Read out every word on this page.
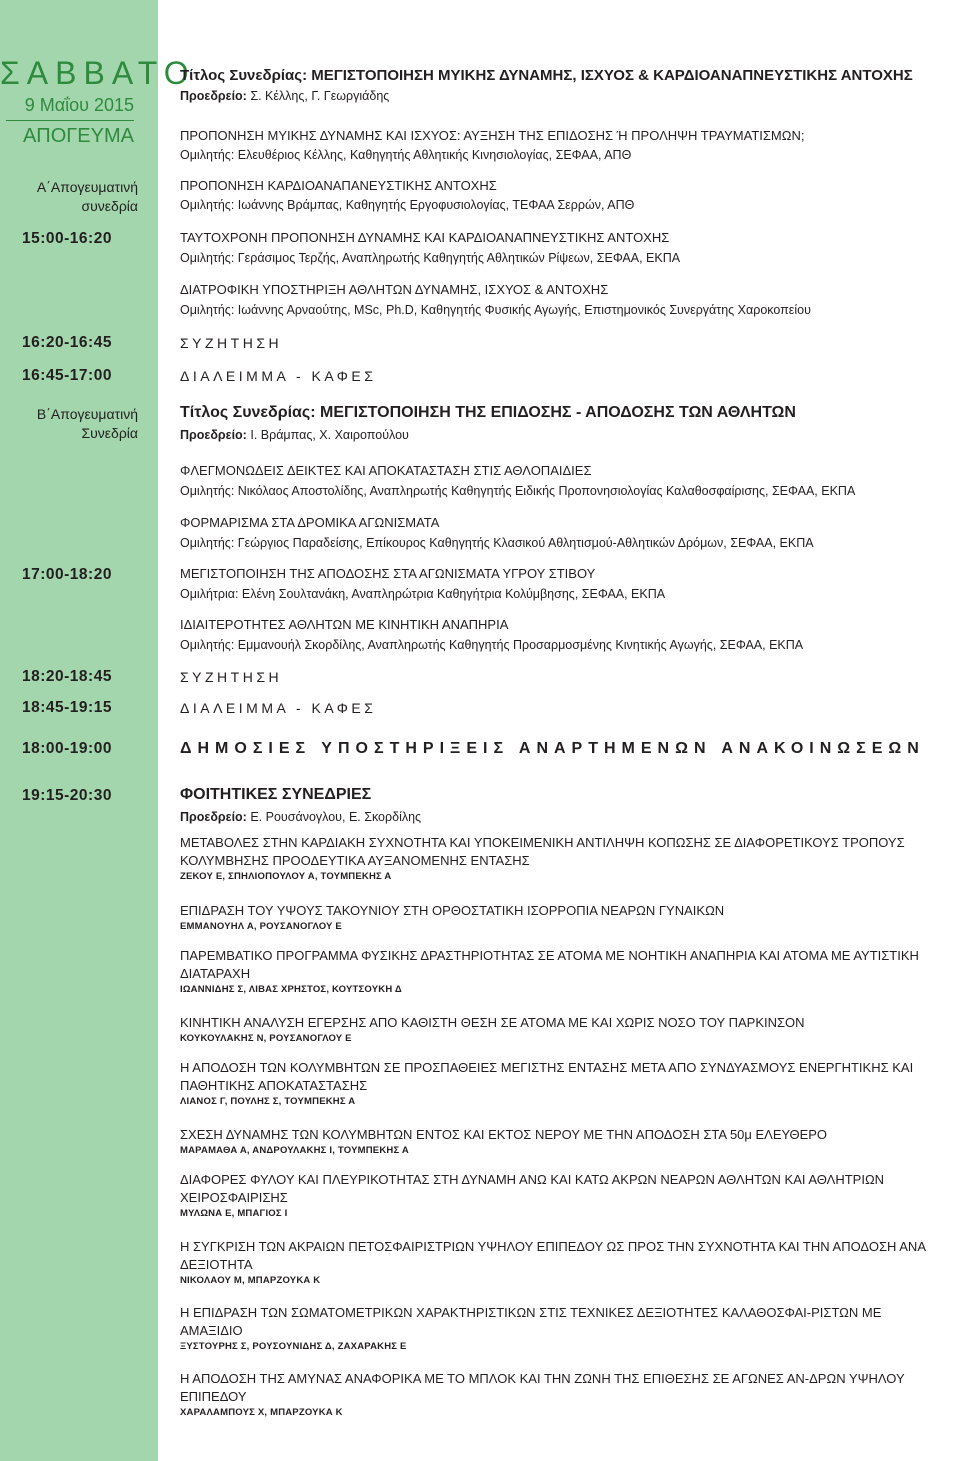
ΣΑΒΒΑΤΟ
9 Μαΐου 2015
ΑΠΟΓΕΥΜΑ
Α΄Απογευματινή
συνεδρία
Β΄Απογευματινή
Συνεδρία
15:00-16:20
16:20-16:45
16:45-17:00
17:00-18:20
18:20-18:45
18:45-19:15
18:00-19:00
19:15-20:30
Τίτλος Συνεδρίας: ΜΕΓΙΣΤΟΠΟΙΗΣΗ ΜΥΙΚΗΣ ΔΥΝΑΜΗΣ, ΙΣΧΥΟΣ & ΚΑΡΔΙΟΑΝΑΠΝΕΥΣΤΙΚΗΣ ΑΝΤΟΧΗΣ
Προεδρείο: Σ. Κέλλης, Γ. Γεωργιάδης
ΠΡΟΠΟΝΗΣΗ ΜΥΙΚΗΣ ΔΥΝΑΜΗΣ ΚΑΙ ΙΣΧΥΟΣ: ΑΥΞΗΣΗ ΤΗΣ ΕΠΙΔΟΣΗΣ Ή ΠΡΟΛΗΨΗ ΤΡΑΥΜΑΤΙΣΜΩΝ;
Ομιλητής: Ελευθέριος Κέλλης, Καθηγητής Αθλητικής Κινησιολογίας, ΣΕΦΑΑ, ΑΠΘ
ΠΡΟΠΟΝΗΣΗ ΚΑΡΔΙΟΑΝΑΠΑΝΕΥΣΤΙΚΗΣ ΑΝΤΟΧΗΣ
Ομιλητής: Ιωάννης Βράμπας, Καθηγητής Εργοφυσιολογίας, ΤΕΦΑΑ Σερρών, ΑΠΘ
ΤΑΥΤΟΧΡΟΝΗ ΠΡΟΠΟΝΗΣΗ ΔΥΝΑΜΗΣ ΚΑΙ ΚΑΡΔΙΟΑΝΑΠΝΕΥΣΤΙΚΗΣ ΑΝΤΟΧΗΣ
Ομιλητής: Γεράσιμος Τερζής, Αναπληρωτής Καθηγητής Αθλητικών Ρίψεων, ΣΕΦΑΑ, ΕΚΠΑ
ΔΙΑΤΡΟΦΙΚΗ ΥΠΟΣΤΗΡΙΞΗ ΑΘΛΗΤΩΝ ΔΥΝΑΜΗΣ, ΙΣΧΥΟΣ & ΑΝΤΟΧΗΣ
Ομιλητής: Ιωάννης Αρναούτης, MSc, Ph.D, Καθηγητής Φυσικής Αγωγής, Επιστημονικός Συνεργάτης Χαροκοπείου
ΣΥΖΗΤΗΣΗ
ΔΙΑΛΕΙΜΜΑ - ΚΑΦΕΣ
Τίτλος Συνεδρίας: ΜΕΓΙΣΤΟΠΟΙΗΣΗ ΤΗΣ ΕΠΙΔΟΣΗΣ - ΑΠΟΔΟΣΗΣ ΤΩΝ ΑΘΛΗΤΩΝ
Προεδρείο: Ι. Βράμπας, Χ. Χαιροπούλου
ΦΛΕΓΜΟΝΩΔΕΙΣ ΔΕΙΚΤΕΣ ΚΑΙ ΑΠΟΚΑΤΑΣΤΑΣΗ ΣΤΙΣ ΑΘΛΟΠΑΙΔΙΕΣ
Ομιλητής: Νικόλαος Αποστολίδης, Αναπληρωτής Καθηγητής Ειδικής Προπονησιολογίας Καλαθοσφαίρισης, ΣΕΦΑΑ, ΕΚΠΑ
ΦΟΡΜΑΡΙΣΜΑ ΣΤΑ ΔΡΟΜΙΚΑ ΑΓΩΝΙΣΜΑΤΑ
Ομιλητής: Γεώργιος Παραδείσης, Επίκουρος Καθηγητής Κλασικού Αθλητισμού-Αθλητικών Δρόμων, ΣΕΦΑΑ, ΕΚΠΑ
ΜΕΓΙΣΤΟΠΟΙΗΣΗ ΤΗΣ ΑΠΟΔΟΣΗΣ ΣΤΑ ΑΓΩΝΙΣΜΑΤΑ ΥΓΡΟΥ ΣΤΙΒΟΥ
Ομιλήτρια: Ελένη Σουλτανάκη, Αναπληρώτρια Καθηγήτρια Κολύμβησης, ΣΕΦΑΑ, ΕΚΠΑ
ΙΔΙΑΙΤΕΡΟΤΗΤΕΣ ΑΘΛΗΤΩΝ ΜΕ ΚΙΝΗΤΙΚΗ ΑΝΑΠΗΡΙΑ
Ομιλητής: Εμμανουήλ Σκορδίλης, Αναπληρωτής Καθηγητής Προσαρμοσμένης Κινητικής Αγωγής, ΣΕΦΑΑ, ΕΚΠΑ
ΣΥΖΗΤΗΣΗ
ΔΙΑΛΕΙΜΜΑ - ΚΑΦΕΣ
ΔΗΜΟΣΙΕΣ ΥΠΟΣΤΗΡΙΞΕΙΣ ΑΝΑΡΤΗΜΕΝΩΝ ΑΝΑΚΟΙΝΩΣΕΩΝ
ΦΟΙΤΗΤΙΚΕΣ ΣΥΝΕΔΡΙΕΣ
Προεδρείο: Ε. Ρουσάνογλου, Ε. Σκορδίλης
ΜΕΤΑΒΟΛΕΣ ΣΤΗΝ ΚΑΡΔΙΑΚΗ ΣΥΧΝΟΤΗΤΑ ΚΑΙ ΥΠΟΚΕΙΜΕΝΙΚΗ ΑΝΤΙΛΗΨΗ ΚΟΠΩΣΗΣ ΣΕ ΔΙΑΦΟΡΕΤΙΚΟΥΣ ΤΡΟΠΟΥΣ ΚΟΛΥΜΒΗΣΗΣ ΠΡΟΟΔΕΥΤΙΚΑ ΑΥΞΑΝΟΜΕΝΗΣ ΕΝΤΑΣΗΣ
ΖΕΚΟΥ Ε, ΣΠΗΛΙΟΠΟΥΛΟΥ Α, ΤΟΥΜΠΕΚΗΣ Α
ΕΠΙΔΡΑΣΗ ΤΟΥ ΥΨΟΥΣ ΤΑΚΟΥΝΙΟΥ ΣΤΗ ΟΡΘΟΣΤΑΤΙΚΗ ΙΣΟΡΡΟΠΙΑ ΝΕΑΡΩΝ ΓΥΝΑΙΚΩΝ
ΕΜΜΑΝΟΥΗΛ Α, ΡΟΥΣΑΝΟΓΛΟΥ Ε
ΠΑΡΕΜΒΑΤΙΚΟ ΠΡΟΓΡΑΜΜΑ ΦΥΣΙΚΗΣ ΔΡΑΣΤΗΡΙΟΤΗΤΑΣ ΣΕ ΑΤΟΜΑ ΜΕ ΝΟΗΤΙΚΗ ΑΝΑΠΗΡΙΑ ΚΑΙ ΑΤΟΜΑ ΜΕ ΑΥΤΙΣΤΙΚΗ ΔΙΑΤΑΡΑΧΗ
ΙΩΑΝΝΙΔΗΣ Σ, ΛΙΒΑΣ ΧΡΗΣΤΟΣ, ΚΟΥΤΣΟΥΚΗ Δ
ΚΙΝΗΤΙΚΗ ΑΝΑΛΥΣΗ ΕΓΕΡΣΗΣ ΑΠΟ ΚΑΘΙΣΤΗ ΘΕΣΗ ΣΕ ΑΤΟΜΑ ΜΕ ΚΑΙ ΧΩΡΙΣ ΝΟΣΟ ΤΟΥ ΠΑΡΚΙΝΣΟΝ
ΚΟΥΚΟΥΛΑΚΗΣ Ν, ΡΟΥΣΑΝΟΓΛΟΥ Ε
Η ΑΠΟΔΟΣΗ ΤΩΝ ΚΟΛΥΜΒΗΤΩΝ ΣΕ ΠΡΟΣΠΑΘΕΙΕΣ ΜΕΓΙΣΤΗΣ ΕΝΤΑΣΗΣ ΜΕΤΑ ΑΠΟ ΣΥΝΔΥΑΣΜΟΥΣ ΕΝΕΡΓΗΤΙΚΗΣ ΚΑΙ ΠΑΘΗΤΙΚΗΣ ΑΠΟΚΑΤΑΣΤΑΣΗΣ
ΛΙΑΝΟΣ Γ, ΠΟΥΛΗΣ Σ, ΤΟΥΜΠΕΚΗΣ Α
ΣΧΕΣΗ ΔΥΝΑΜΗΣ ΤΩΝ ΚΟΛΥΜΒΗΤΩΝ ΕΝΤΟΣ ΚΑΙ ΕΚΤΟΣ ΝΕΡΟΥ ΜΕ ΤΗΝ ΑΠΟΔΟΣΗ ΣΤΑ 50μ ΕΛΕΥΘΕΡΟ
ΜΑΡΑΜΑΘΑ Α, ΑΝΔΡΟΥΛΑΚΗΣ Ι, ΤΟΥΜΠΕΚΗΣ Α
ΔΙΑΦΟΡΕΣ ΦΥΛΟΥ ΚΑΙ ΠΛΕΥΡΙΚΟΤΗΤΑΣ ΣΤΗ ΔΥΝΑΜΗ ΑΝΩ ΚΑΙ ΚΑΤΩ ΑΚΡΩΝ ΝΕΑΡΩΝ ΑΘΛΗΤΩΝ ΚΑΙ ΑΘΛΗΤΡΙΩΝ ΧΕΙΡΟΣΦΑΙΡΙΣΗΣ
ΜΥΛΩΝΑ Ε, ΜΠΑΓΙΟΣ Ι
Η ΣΥΓΚΡΙΣΗ ΤΩΝ ΑΚΡΑΙΩΝ ΠΕΤΟΣΦΑΙΡΙΣΤΡΙΩΝ ΥΨΗΛΟΥ ΕΠΙΠΕΔΟΥ ΩΣ ΠΡΟΣ ΤΗΝ ΣΥΧΝΟΤΗΤΑ ΚΑΙ ΤΗΝ ΑΠΟΔΟΣΗ ΑΝΑ ΔΕΞΙΟΤΗΤΑ
ΝΙΚΟΛΑΟΥ Μ, ΜΠΑΡΖΟΥΚΑ Κ
Η ΕΠΙΔΡΑΣΗ ΤΩΝ ΣΩΜΑΤΟΜΕΤΡΙΚΩΝ ΧΑΡΑΚΤΗΡΙΣΤΙΚΩΝ ΣΤΙΣ ΤΕΧΝΙΚΕΣ ΔΕΞΙΟΤΗΤΕΣ ΚΑΛΑΘΟΣΦΑΙ-ΡΙΣΤΩΝ ΜΕ ΑΜΑΞΙΔΙΟ
ΞΥΣΤΟΥΡΗΣ Σ, ΡΟΥΣΟΥΝΙΔΗΣ Δ, ΖΑΧΑΡΑΚΗΣ Ε
Η ΑΠΟΔΟΣΗ ΤΗΣ ΑΜΥΝΑΣ ΑΝΑΦΟΡΙΚΑ ΜΕ ΤΟ ΜΠΛΟΚ ΚΑΙ ΤΗΝ ΖΩΝΗ ΤΗΣ ΕΠΙΘΕΣΗΣ ΣΕ ΑΓΩΝΕΣ ΑΝ-ΔΡΩΝ ΥΨΗΛΟΥ ΕΠΙΠΕΔΟΥ
ΧΑΡΑΛΑΜΠΟΥΣ Χ, ΜΠΑΡΖΟΥΚΑ Κ
